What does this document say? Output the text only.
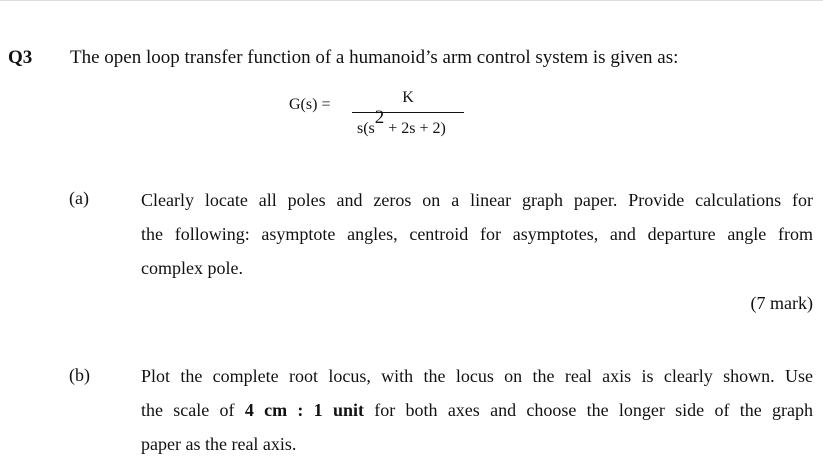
Q3 The open loop transfer function of a humanoid’s arm control system is given as:
G(s) =	K
s(s2 + 2s + 2)
(a)	Clearly locate all poles and zeros on a linear graph paper. Provide calculations for
the following: asymptote angles, centroid for asymptotes, and departure angle from
complex pole.
(7 mark)
(b)	Plot the complete root locus, with the locus on the real axis is clearly shown. Use
the scale of 4 cm : 1 unit for both axes and choose the longer side of the graph
paper as the real axis.
